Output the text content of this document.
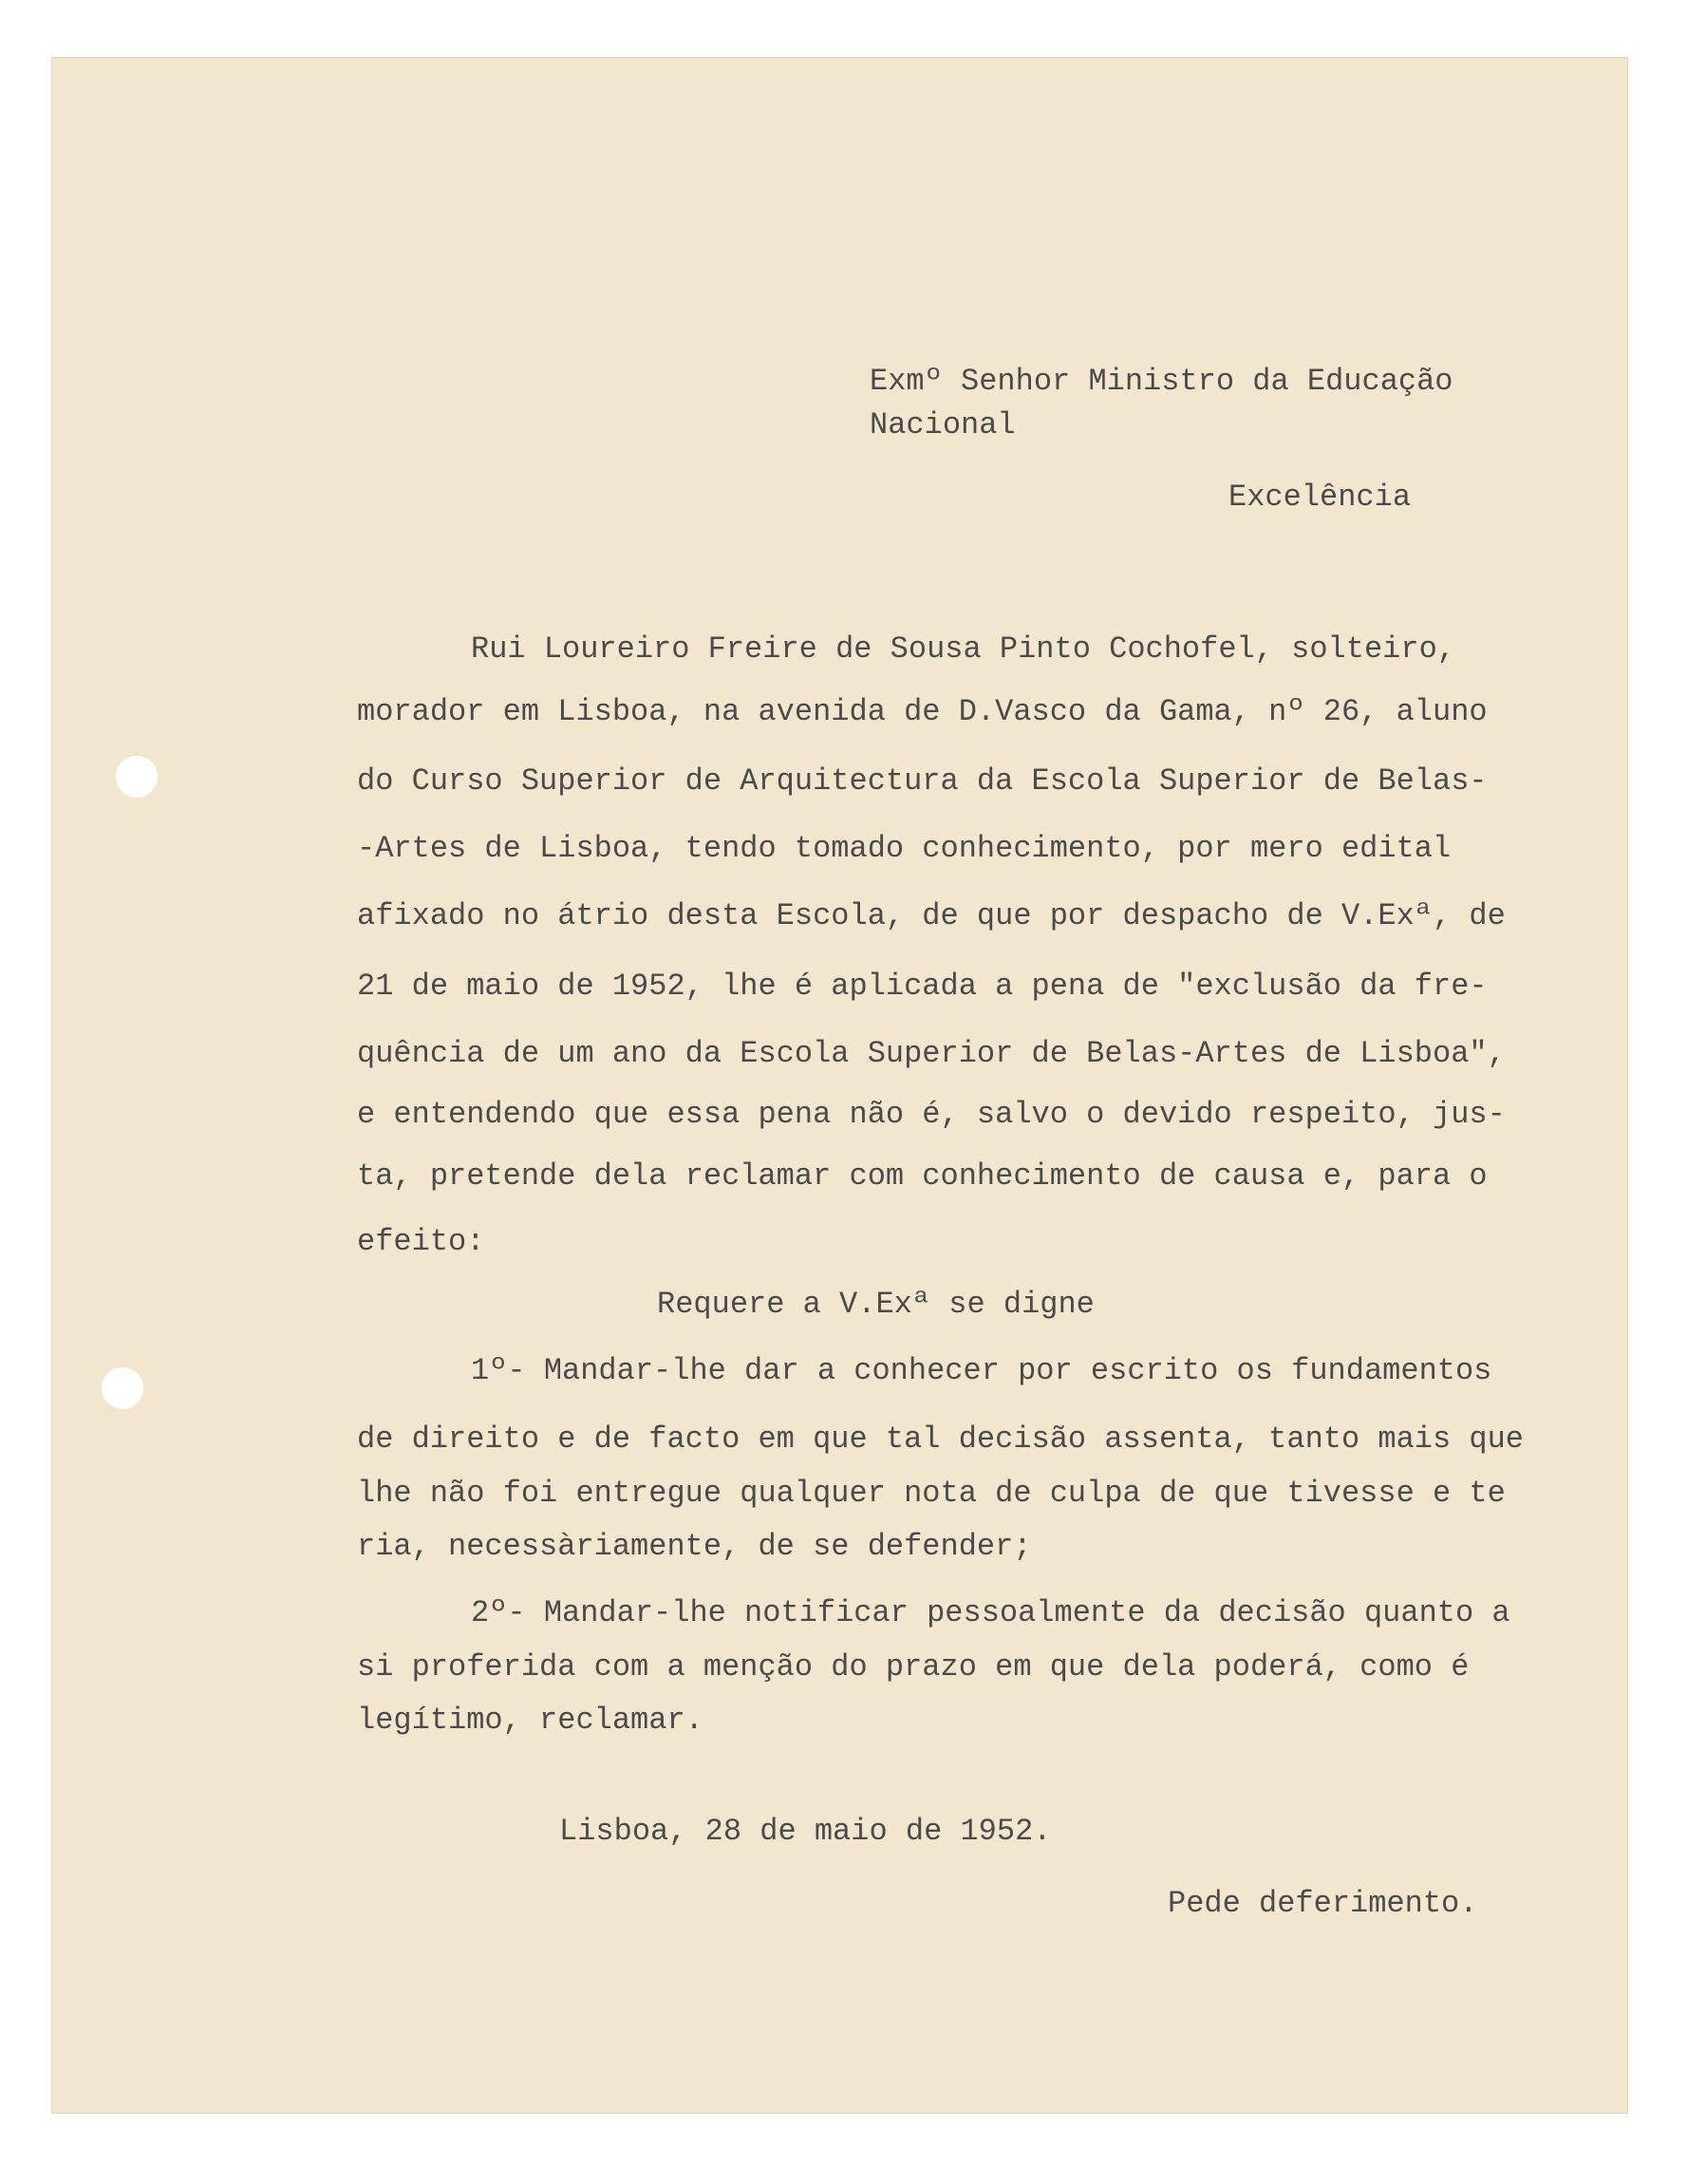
Exmº Senhor Ministro da Educação
Nacional
Excelência
Rui Loureiro Freire de Sousa Pinto Cochofel, solteiro,
morador em Lisboa, na avenida de D.Vasco da Gama, nº 26, aluno
do Curso Superior de Arquitectura da Escola Superior de Belas-
-Artes de Lisboa, tendo tomado conhecimento, por mero edital
afixado no átrio desta Escola, de que por despacho de V.Exª, de
21 de maio de 1952, lhe é aplicada a pena de "exclusão da fre-
quência de um ano da Escola Superior de Belas-Artes de Lisboa",
e entendendo que essa pena não é, salvo o devido respeito, jus-
ta, pretende dela reclamar com conhecimento de causa e, para o
efeito:
Requere a V.Exª se digne
1º- Mandar-lhe dar a conhecer por escrito os fundamentos
de direito e de facto em que tal decisão assenta, tanto mais que
lhe não foi entregue qualquer nota de culpa de que tivesse e te
ria, necessàriamente, de se defender;
2º- Mandar-lhe notificar pessoalmente da decisão quanto a
si proferida com a menção do prazo em que dela poderá, como é
legítimo, reclamar.
Lisboa, 28 de maio de 1952.
Pede deferimento.
